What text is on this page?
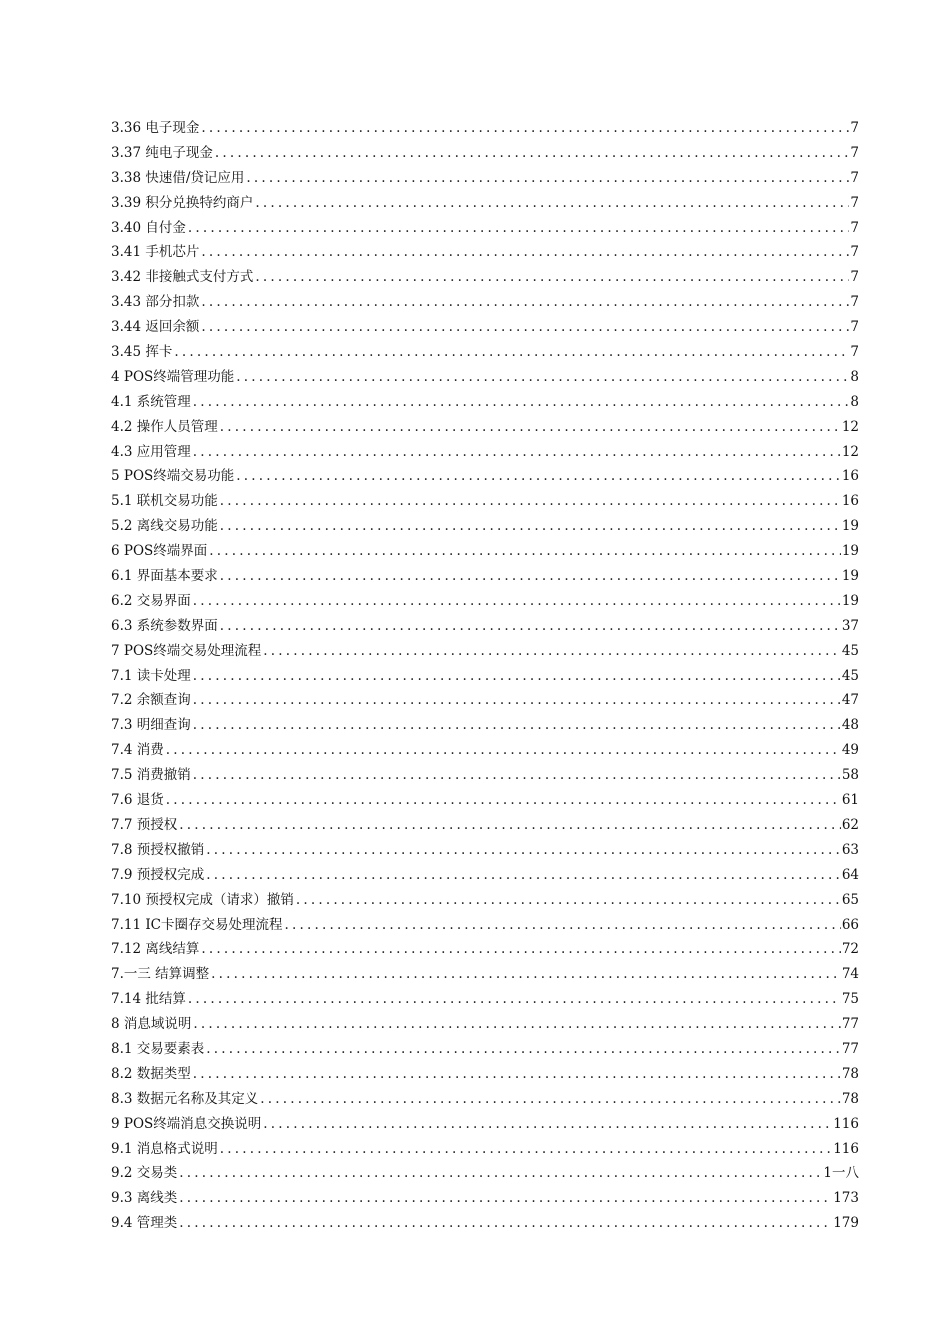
3.36 电子现金 .....	7
3.37 纯电子现金 .....	7
3.38 快速借/贷记应用 .....	7
3.39 积分兑换特约商户 .....	7
3.40 自付金 .....	7
3.41 手机芯片 .....	7
3.42 非接触式支付方式 .....	7
3.43 部分扣款 .....	7
3.44 返回余额 .....	7
3.45 挥卡 .....	7
4 POS终端管理功能 .....	8
4.1 系统管理 .....	8
4.2 操作人员管理 .....	12
4.3 应用管理 .....	12
5 POS终端交易功能 .....	16
5.1 联机交易功能 .....	16
5.2 离线交易功能 .....	19
6 POS终端界面 .....	19
6.1 界面基本要求 .....	19
6.2 交易界面 .....	19
6.3 系统参数界面 .....	37
7 POS终端交易处理流程 .....	45
7.1 读卡处理 .....	45
7.2 余额查询 .....	47
7.3 明细查询 .....	48
7.4 消费 .....	49
7.5 消费撤销 .....	58
7.6 退货 .....	61
7.7 预授权 .....	62
7.8 预授权撤销 .....	63
7.9 预授权完成 .....	64
7.10 预授权完成（请求）撤销 .....	65
7.11 IC卡圈存交易处理流程 .....	66
7.12 离线结算 .....	72
7.一三 结算调整 .....	74
7.14 批结算 .....	75
8 消息域说明 .....	77
8.1 交易要素表 .....	77
8.2 数据类型 .....	78
8.3 数据元名称及其定义 .....	78
9 POS终端消息交换说明 .....	116
9.1 消息格式说明 .....	116
9.2 交易类 .....	1一八
9.3 离线类 .....	173
9.4 管理类 .....	179
